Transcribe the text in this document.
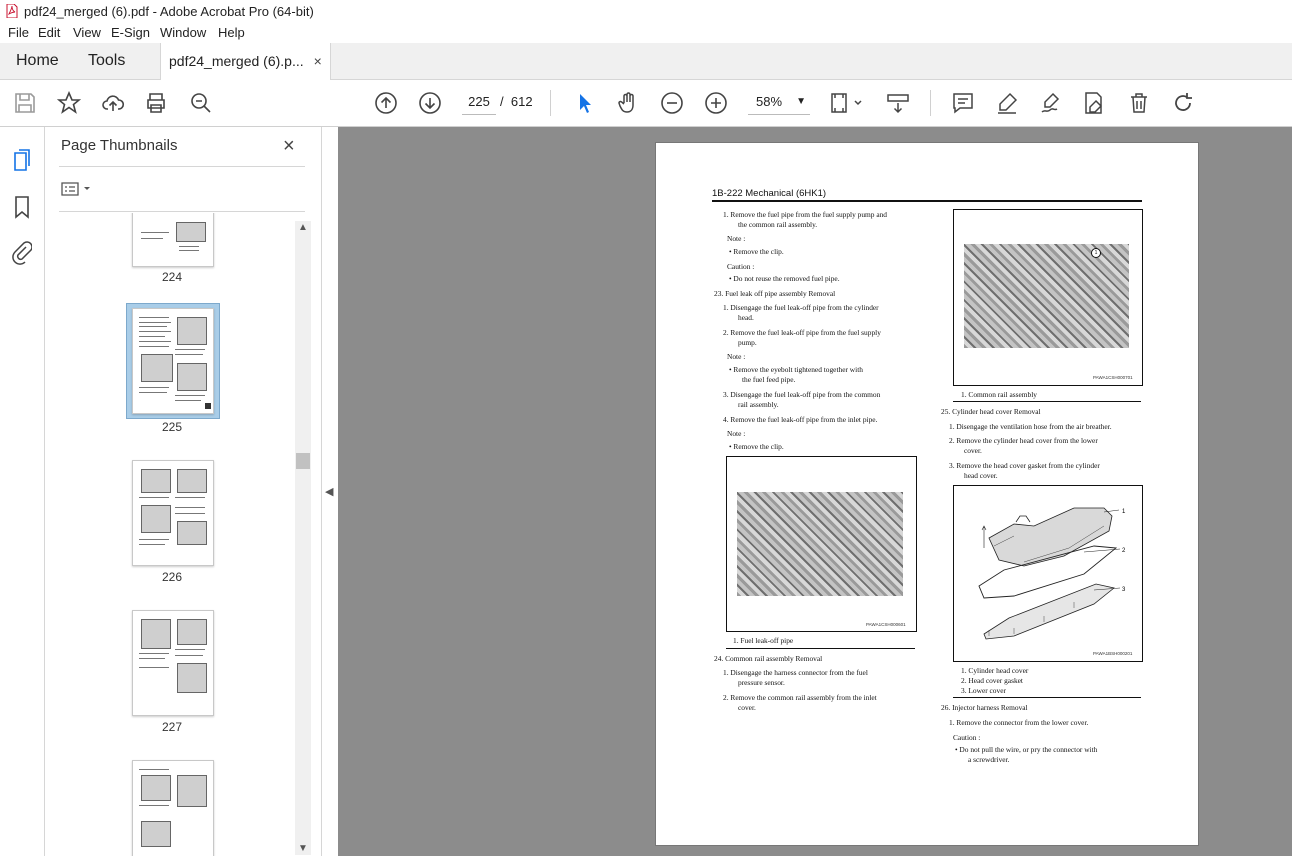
pdf24_merged (6).pdf - Adobe Acrobat Pro (64-bit)
File Edit View E-Sign Window Help
Home Tools	pdf24_merged (6).p... ×
225 / 612	58% ▼
Page Thumbnails	×
224
225
226
227
▲
▼
◀
1B-222 Mechanical (6HK1)
1. Remove the fuel pipe from the fuel supply pump and
the common rail assembly.
Note :
• Remove the clip.
Caution :
• Do not reuse the removed fuel pipe.
23. Fuel leak off pipe assembly Removal
1. Disengage the fuel leak-off pipe from the cylinder
head.
2. Remove the fuel leak-off pipe from the fuel supply
pump.
Note :
• Remove the eyebolt tightened together with
the fuel feed pipe.
3. Disengage the fuel leak-off pipe from the common
rail assembly.
4. Remove the fuel leak-off pipe from the inlet pipe.
Note :
• Remove the clip.
PAWA1CSH000601
1. Fuel leak-off pipe
24. Common rail assembly Removal
1. Disengage the harness connector from the fuel
pressure sensor.
2. Remove the common rail assembly from the inlet
cover.
1
PAWA1CSH000701
1. Common rail assembly
25. Cylinder head cover Removal
1. Disengage the ventilation hose from the air breather.
2. Remove the cylinder head cover from the lower
cover.
3. Remove the head cover gasket from the cylinder
head cover.
1
2
3
PAWA1BSH000201
1. Cylinder head cover
2. Head cover gasket
3. Lower cover
26. Injector harness Removal
1. Remove the connector from the lower cover.
Caution :
• Do not pull the wire, or pry the connector with
a screwdriver.
